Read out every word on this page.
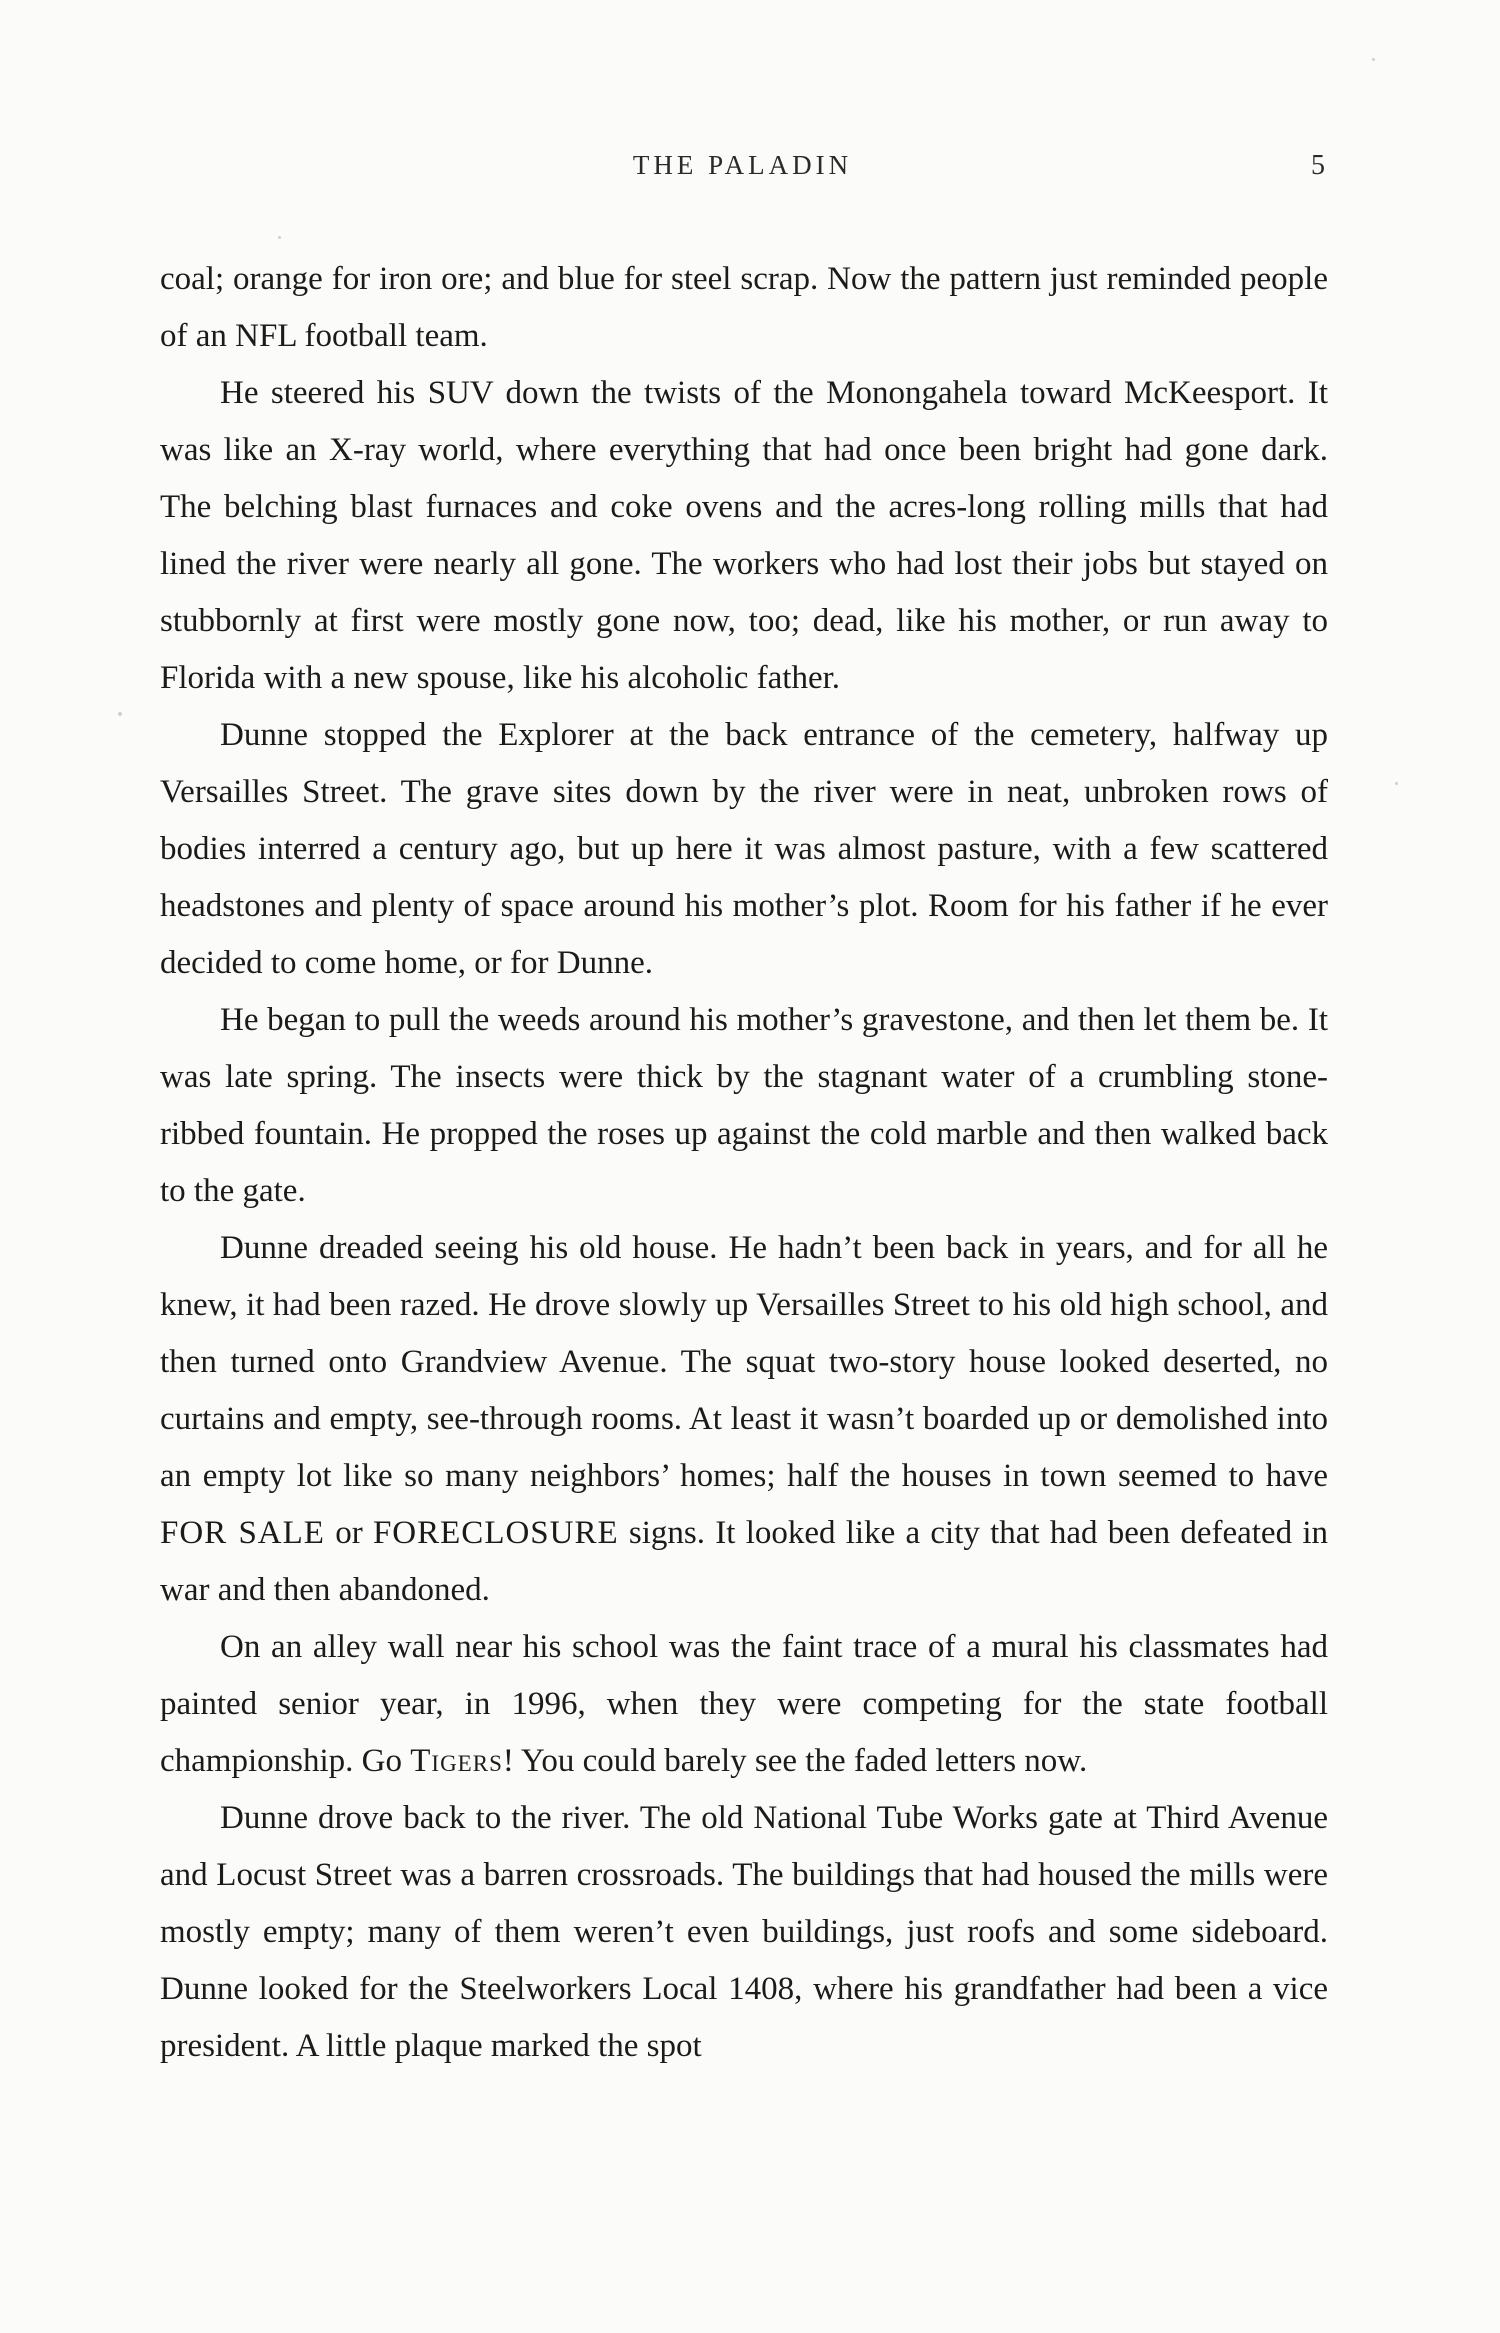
THE PALADIN	5

coal; orange for iron ore; and blue for steel scrap. Now the pattern just reminded people of an NFL football team.

He steered his SUV down the twists of the Monongahela toward McKeesport. It was like an X-ray world, where everything that had once been bright had gone dark. The belching blast furnaces and coke ovens and the acres-long rolling mills that had lined the river were nearly all gone. The workers who had lost their jobs but stayed on stubbornly at first were mostly gone now, too; dead, like his mother, or run away to Florida with a new spouse, like his alcoholic father.

Dunne stopped the Explorer at the back entrance of the cemetery, halfway up Versailles Street. The grave sites down by the river were in neat, unbroken rows of bodies interred a century ago, but up here it was almost pasture, with a few scattered headstones and plenty of space around his mother’s plot. Room for his father if he ever decided to come home, or for Dunne.

He began to pull the weeds around his mother’s gravestone, and then let them be. It was late spring. The insects were thick by the stagnant water of a crumbling stone-ribbed fountain. He propped the roses up against the cold marble and then walked back to the gate.

Dunne dreaded seeing his old house. He hadn’t been back in years, and for all he knew, it had been razed. He drove slowly up Versailles Street to his old high school, and then turned onto Grandview Avenue. The squat two-story house looked deserted, no curtains and empty, see-through rooms. At least it wasn’t boarded up or demolished into an empty lot like so many neighbors’ homes; half the houses in town seemed to have FOR SALE or FORECLOSURE signs. It looked like a city that had been defeated in war and then abandoned.

On an alley wall near his school was the faint trace of a mural his classmates had painted senior year, in 1996, when they were competing for the state football championship. Go Tigers! You could barely see the faded letters now.

Dunne drove back to the river. The old National Tube Works gate at Third Avenue and Locust Street was a barren crossroads. The buildings that had housed the mills were mostly empty; many of them weren’t even buildings, just roofs and some sideboard. Dunne looked for the Steelworkers Local 1408, where his grandfather had been a vice president. A little plaque marked the spot
